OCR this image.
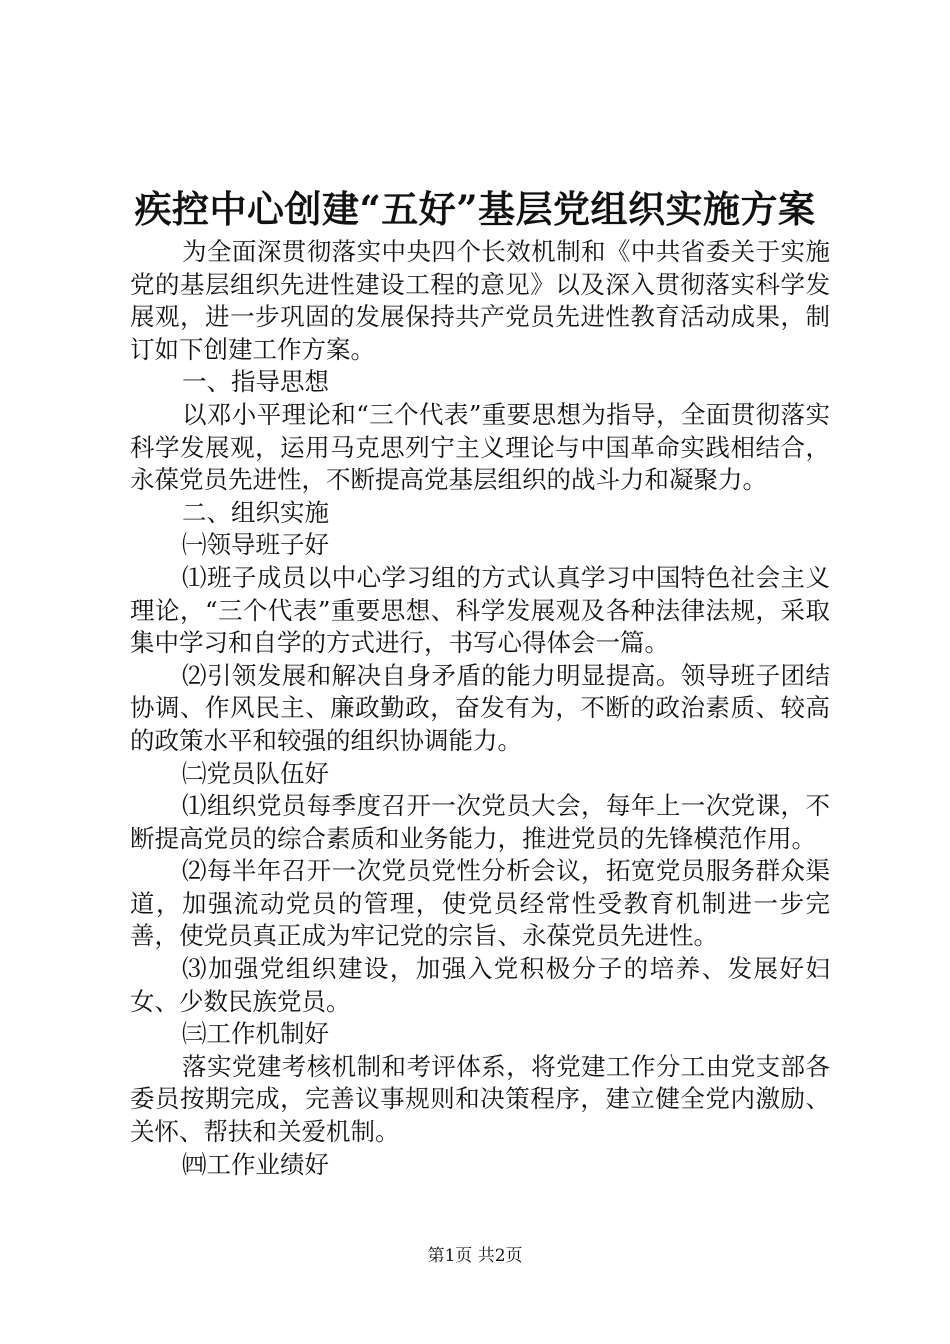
疾控中心创建“五好”基层党组织实施方案

为全面深贯彻落实中央四个长效机制和《中共省委关于实施党的基层组织先进性建设工程的意见》以及深入贯彻落实科学发展观，进一步巩固的发展保持共产党员先进性教育活动成果，制订如下创建工作方案。

一、指导思想

以邓小平理论和“三个代表”重要思想为指导，全面贯彻落实科学发展观，运用马克思列宁主义理论与中国革命实践相结合，永葆党员先进性，不断提高党基层组织的战斗力和凝聚力。

二、组织实施

㈠领导班子好

⑴班子成员以中心学习组的方式认真学习中国特色社会主义理论，“三个代表”重要思想、科学发展观及各种法律法规，采取集中学习和自学的方式进行，书写心得体会一篇。

⑵引领发展和解决自身矛盾的能力明显提高。领导班子团结协调、作风民主、廉政勤政，奋发有为，不断的政治素质、较高的政策水平和较强的组织协调能力。

㈡党员队伍好

⑴组织党员每季度召开一次党员大会，每年上一次党课，不断提高党员的综合素质和业务能力，推进党员的先锋模范作用。

⑵每半年召开一次党员党性分析会议，拓宽党员服务群众渠道，加强流动党员的管理，使党员经常性受教育机制进一步完善，使党员真正成为牢记党的宗旨、永葆党员先进性。

⑶加强党组织建设，加强入党积极分子的培养、发展好妇女、少数民族党员。

㈢工作机制好

落实党建考核机制和考评体系，将党建工作分工由党支部各委员按期完成，完善议事规则和决策程序，建立健全党内激励、关怀、帮扶和关爱机制。

㈣工作业绩好

第1页 共2页
